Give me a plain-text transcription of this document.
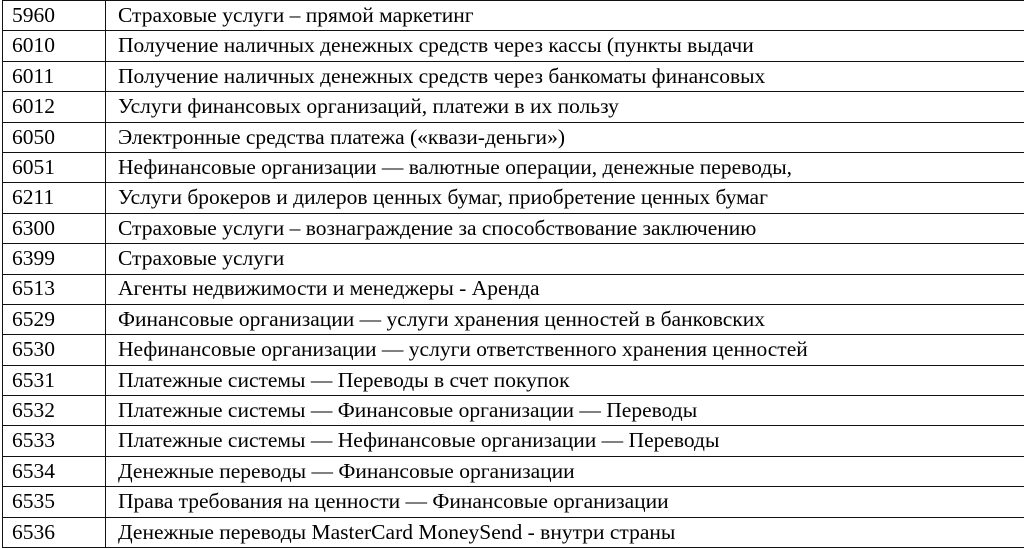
5960	Страховые услуги – прямой маркетинг
6010	Получение наличных денежных средств через кассы (пункты выдачи
6011	Получение наличных денежных средств через банкоматы финансовых
6012	Услуги финансовых организаций, платежи в их пользу
6050	Электронные средства платежа («квази-деньги»)
6051	Нефинансовые организации — валютные операции, денежные переводы,
6211	Услуги брокеров и дилеров ценных бумаг, приобретение ценных бумаг
6300	Страховые услуги – вознаграждение за способствование заключению
6399	Страховые услуги
6513	Агенты недвижимости и менеджеры - Аренда
6529	Финансовые организации — услуги хранения ценностей в банковских
6530	Нефинансовые организации — услуги ответственного хранения ценностей
6531	Платежные системы — Переводы в счет покупок
6532	Платежные системы — Финансовые организации — Переводы
6533	Платежные системы — Нефинансовые организации — Переводы
6534	Денежные переводы — Финансовые организации
6535	Права требования на ценности — Финансовые организации
6536	Денежные переводы MasterCard MoneySend - внутри страны
